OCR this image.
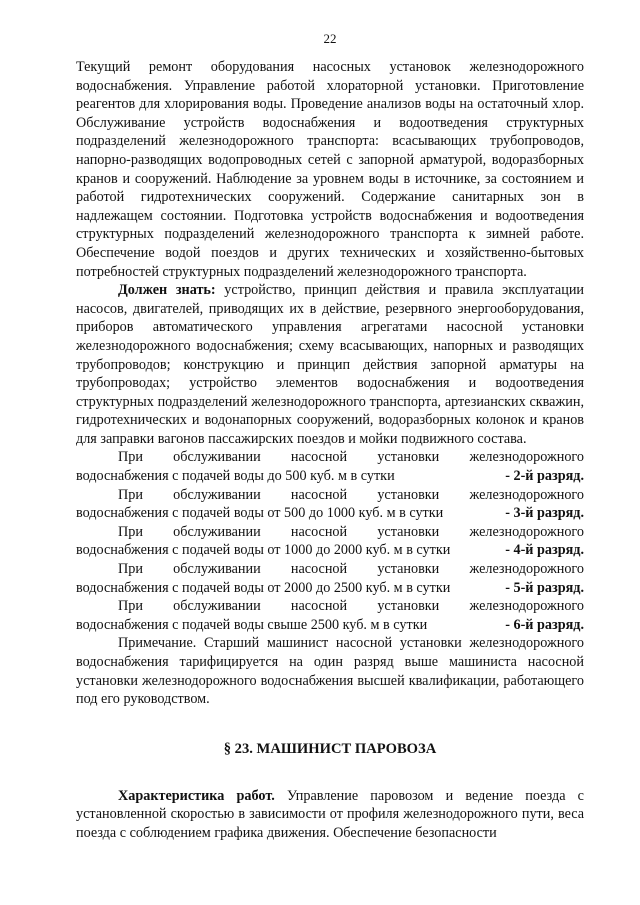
22

Текущий ремонт оборудования насосных установок железнодорожного водоснабжения. Управление работой хлораторной установки. Приготовление реагентов для хлорирования воды. Проведение анализов воды на остаточный хлор. Обслуживание устройств водоснабжения и водоотведения структурных подразделений железнодорожного транспорта: всасывающих трубопроводов, напорно-разводящих водопроводных сетей с запорной арматурой, водоразборных кранов и сооружений. Наблюдение за уровнем воды в источнике, за состоянием и работой гидротехнических сооружений. Содержание санитарных зон в надлежащем состоянии. Подготовка устройств водоснабжения и водоотведения структурных подразделений железнодорожного транспорта к зимней работе. Обеспечение водой поездов и других технических и хозяйственно-бытовых потребностей структурных подразделений железнодорожного транспорта.

Должен знать: устройство, принцип действия и правила эксплуатации насосов, двигателей, приводящих их в действие, резервного энергооборудования, приборов автоматического управления агрегатами насосной установки железнодорожного водоснабжения; схему всасывающих, напорных и разводящих трубопроводов; конструкцию и принцип действия запорной арматуры на трубопроводах; устройство элементов водоснабжения и водоотведения структурных подразделений железнодорожного транспорта, артезианских скважин, гидротехнических и водонапорных сооружений, водоразборных колонок и кранов для заправки вагонов пассажирских поездов и мойки подвижного состава.

При обслуживании насосной установки железнодорожного

водоснабжения с подачей воды до 500 куб. м в сутки	- 2-й разряд.

При обслуживании насосной установки железнодорожного

водоснабжения с подачей воды от 500 до 1000 куб. м в сутки	- 3-й разряд.

При обслуживании насосной установки железнодорожного

водоснабжения с подачей воды от 1000 до 2000 куб. м в сутки	- 4-й разряд.

При обслуживании насосной установки железнодорожного

водоснабжения с подачей воды от 2000 до 2500 куб. м в сутки	- 5-й разряд.

При обслуживании насосной установки железнодорожного

водоснабжения с подачей воды свыше 2500 куб. м в сутки	- 6-й разряд.

Примечание. Старший машинист насосной установки железнодорожного водоснабжения тарифицируется на один разряд выше машиниста насосной установки железнодорожного водоснабжения высшей квалификации, работающего под его руководством.

§ 23. МАШИНИСТ ПАРОВОЗА

Характеристика работ. Управление паровозом и ведение поезда с установленной скоростью в зависимости от профиля железнодорожного пути, веса поезда с соблюдением графика движения. Обеспечение безопасности
